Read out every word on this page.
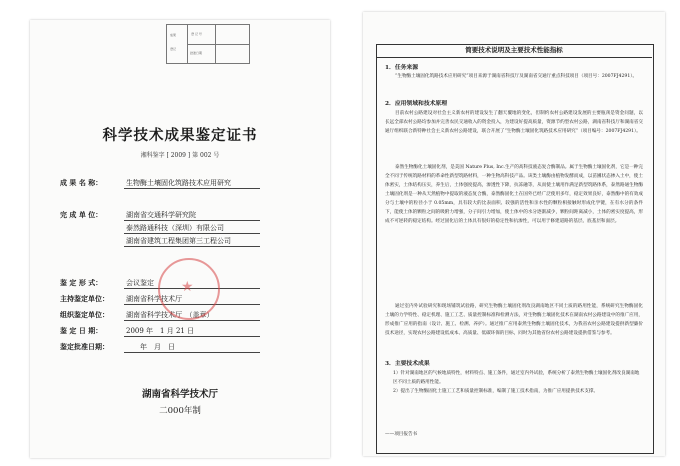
成果
登记
登 记 号
批准日期
科学技术成果鉴定证书
湘科鉴字 [ 2009 ] 第 002 号
成 果 名 称：	生物酶土壤固化筑路技术应用研究
完 成 单 位：	湖南省交通科学研究院
泰然路通科技（深圳）有限公司
湖南省建筑工程集团第三工程公司
鉴 定 形 式：	会议鉴定
主持鉴定单位： 湖南省科学技术厅
组织鉴定单位： 湖南省科学技术厅　（盖章）
鉴 定 日 期：	2009 年　1 月 21 日
鉴定批准日期：	年　月　日
★
湖南省科学技术厅
二000年制
简要技术说明及主要技术性能指标
1．任务来源
“生物酶土壤固化筑路技术应用研究”项目来源于湖南省科技厅及湖南省交通厅重点科技项目（项目号：2007FJ4291）。
2．应用领域和技术原理
目前农村公路建设对社会主义新农村的建设发生了翻天覆地的变化，但制约农村公路建设发展的主要瓶颈是资金问题，以长远全部农村公路均参加并完善农民交通收入的资金投入，为建设好提高质量，资源节约型农村公路，湖南省科技厅和湖南省交通厅组织联合新特种社会主义新农村公路建设，联合开展了“生物酶土壤固化筑路技术应用研究”（项目编号：2007FJ4291）。
泰然生物酶化土壤固化剂，是美国 Nature Plus, Inc.生产的高科技液态复合酶制品。属于生物酶土壤固化剂，它是一种完全不同于传统筑路材料的革命性新型筑路材料，一种生物高科技产品。该类土壤酶由植物发酵而成，以苗圃状态掺入土中，使土体密实，土体结构压实，养生后，土体强度提高，渗透性下降，抗冻融等，从而使土壤用作满足新型筑路体系，泰然路通生物酶土壤固化剂是一种从天然植物中提取的液态复合酶，泰然酶固化土在国外已经广泛使用多年，稳定效果良好，泰然酶中的有效成分与土壤中的粒径小于 0.05mm，具有较大的比表面积、较强的活性和亲水性的颗粒相接触时形成化学键，在有水分的条件下，能使土体的颗粒之间的吸附力增强，分子间引力增加，使土体中的水分逐渐减少，颗粒间距离减小，土体的密实度提高，形成不可逆转的稳定结构。经过固化后的土体具有很好的稳定性和抗渗性，可以用于修建道路的基层、底基层和面层。
通过室内外试验研究和现场铺筑试验路，研究生物酶土壤固化剂改良湖南地区不同土质的路用性能，系统研究生物酶固化土壤的力学特性、稳定机理、施工工艺、质量控制标准和检测方法，对生物酶土壤固化技术在湖南农村公路建设中的推广应用，形成推广应用的指南（设计、施工、检测、养护）。通过推广应用泰然生物酶土壤固化技术，为我省农村公路建设提供新型廉价技术途径，实现农村公路建设低成本、高质量、低碳环保的目标，同时为其他省份农村公路建设提供借鉴与参考。
3．主要技术成果
1）针对湖南地区的气候地质特性，材料特点、施工条件，通过室内外试验，系统分析了泰然生物酶土壤固化剂改良湖南地区不同土质的路用性能。
2）提出了生物酶固化土施工工艺和质量控制标准，编制了施工技术指南，为推广应用提供技术支撑。
——项目报告书
